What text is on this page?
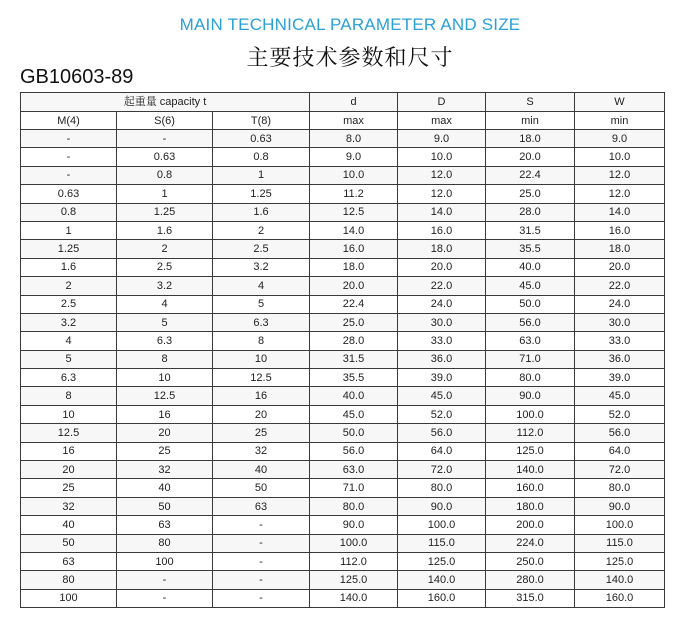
MAIN TECHNICAL PARAMETER AND SIZE
主要技术参数和尺寸
GB10603-89
起重量 capacity t			d	D	S	W
M(4)	S(6)	T(8)	max	max	min	min
-	-	0.63	8.0	9.0	18.0	9.0
-	0.63	0.8	9.0	10.0	20.0	10.0
-	0.8	1	10.0	12.0	22.4	12.0
0.63	1	1.25	11.2	12.0	25.0	12.0
0.8	1.25	1.6	12.5	14.0	28.0	14.0
1	1.6	2	14.0	16.0	31.5	16.0
1.25	2	2.5	16.0	18.0	35.5	18.0
1.6	2.5	3.2	18.0	20.0	40.0	20.0
2	3.2	4	20.0	22.0	45.0	22.0
2.5	4	5	22.4	24.0	50.0	24.0
3.2	5	6.3	25.0	30.0	56.0	30.0
4	6.3	8	28.0	33.0	63.0	33.0
5	8	10	31.5	36.0	71.0	36.0
6.3	10	12.5	35.5	39.0	80.0	39.0
8	12.5	16	40.0	45.0	90.0	45.0
10	16	20	45.0	52.0	100.0	52.0
12.5	20	25	50.0	56.0	112.0	56.0
16	25	32	56.0	64.0	125.0	64.0
20	32	40	63.0	72.0	140.0	72.0
25	40	50	71.0	80.0	160.0	80.0
32	50	63	80.0	90.0	180.0	90.0
40	63	-	90.0	100.0	200.0	100.0
50	80	-	100.0	115.0	224.0	115.0
63	100	-	112.0	125.0	250.0	125.0
80	-	-	125.0	140.0	280.0	140.0
100	-	-	140.0	160.0	315.0	160.0
